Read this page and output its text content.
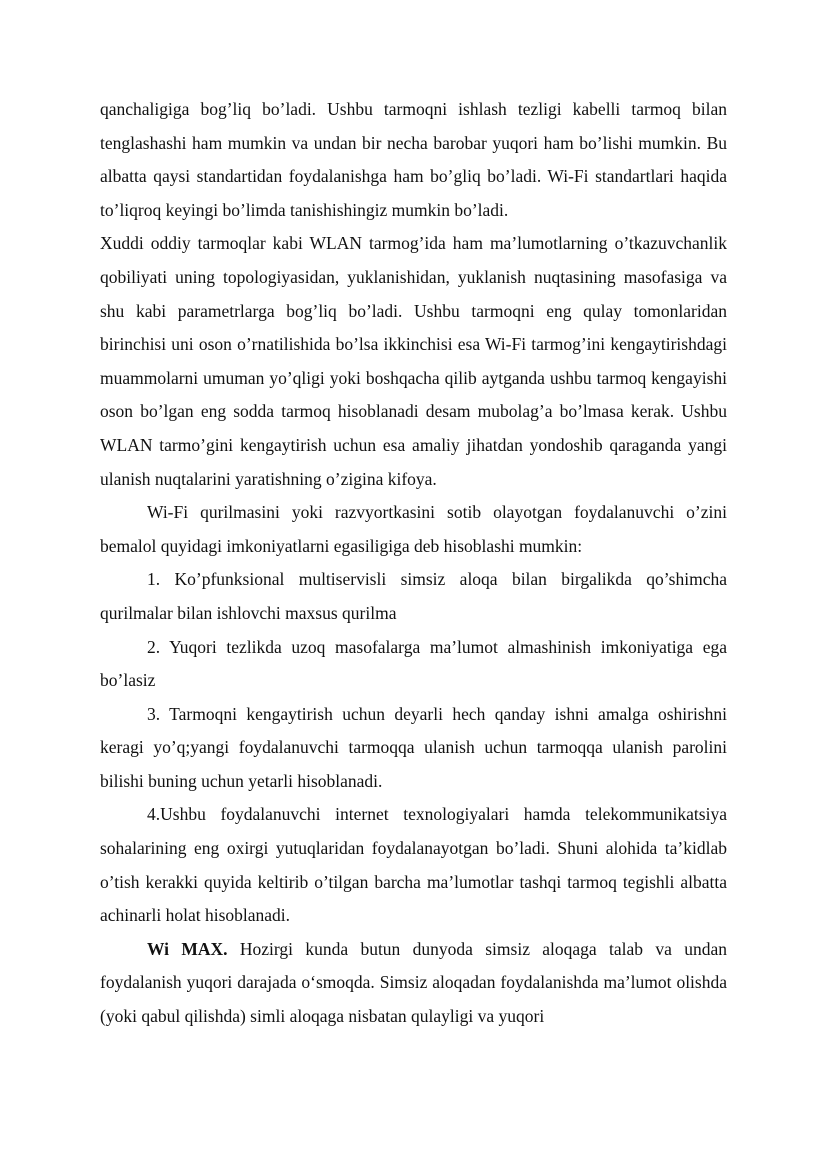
qanchaligiga bog’liq bo’ladi. Ushbu tarmoqni ishlash tezligi kabelli tarmoq bilan tenglashashi ham mumkin va undan bir necha barobar yuqori ham bo’lishi mumkin. Bu albatta qaysi standartidan foydalanishga ham bo’gliq bo’ladi. Wi-Fi standartlari haqida to’liqroq keyingi bo’limda tanishishingiz mumkin bo’ladi.

Xuddi oddiy tarmoqlar kabi WLAN tarmog’ida ham ma’lumotlarning o’tkazuvchanlik qobiliyati uning topologiyasidan, yuklanishidan, yuklanish nuqtasining masofasiga va shu kabi parametrlarga bog’liq bo’ladi. Ushbu tarmoqni eng qulay tomonlaridan birinchisi uni oson o’rnatilishida bo’lsa ikkinchisi esa Wi-Fi tarmog’ini kengaytirishdagi muammolarni umuman yo’qligi yoki boshqacha qilib aytganda ushbu tarmoq kengayishi oson bo’lgan eng sodda tarmoq hisoblanadi desam mubolag’a bo’lmasa kerak. Ushbu WLAN tarmo’gini kengaytirish uchun esa amaliy jihatdan yondoshib qaraganda yangi ulanish nuqtalarini yaratishning o’zigina kifoya.

Wi-Fi qurilmasini yoki razvyortkasini sotib olayotgan foydalanuvchi o’zini bemalol quyidagi imkoniyatlarni egasiligiga deb hisoblashi mumkin:

1. Ko’pfunksional multiservisli simsiz aloqa bilan birgalikda qo’shimcha qurilmalar bilan ishlovchi maxsus qurilma

2. Yuqori tezlikda uzoq masofalarga ma’lumot almashinish imkoniyatiga ega bo’lasiz

3. Tarmoqni kengaytirish uchun deyarli hech qanday ishni amalga oshirishni keragi yo’q;yangi foydalanuvchi tarmoqqa ulanish uchun tarmoqqa ulanish parolini bilishi buning uchun yetarli hisoblanadi.

4.Ushbu foydalanuvchi internet texnologiyalari hamda telekommunikatsiya sohalarining eng oxirgi yutuqlaridan foydalanayotgan bo’ladi. Shuni alohida ta’kidlab o’tish kerakki quyida keltirib o’tilgan barcha ma’lumotlar tashqi tarmoq tegishli albatta achinarli holat hisoblanadi.

Wi MAX. Hozirgi kunda butun dunyoda simsiz aloqaga talab va undan foydalanish yuqori darajada o‘smoqda. Simsiz aloqadan foydalanishda ma’lumot olishda (yoki qabul qilishda) simli aloqaga nisbatan qulayligi va yuqori
